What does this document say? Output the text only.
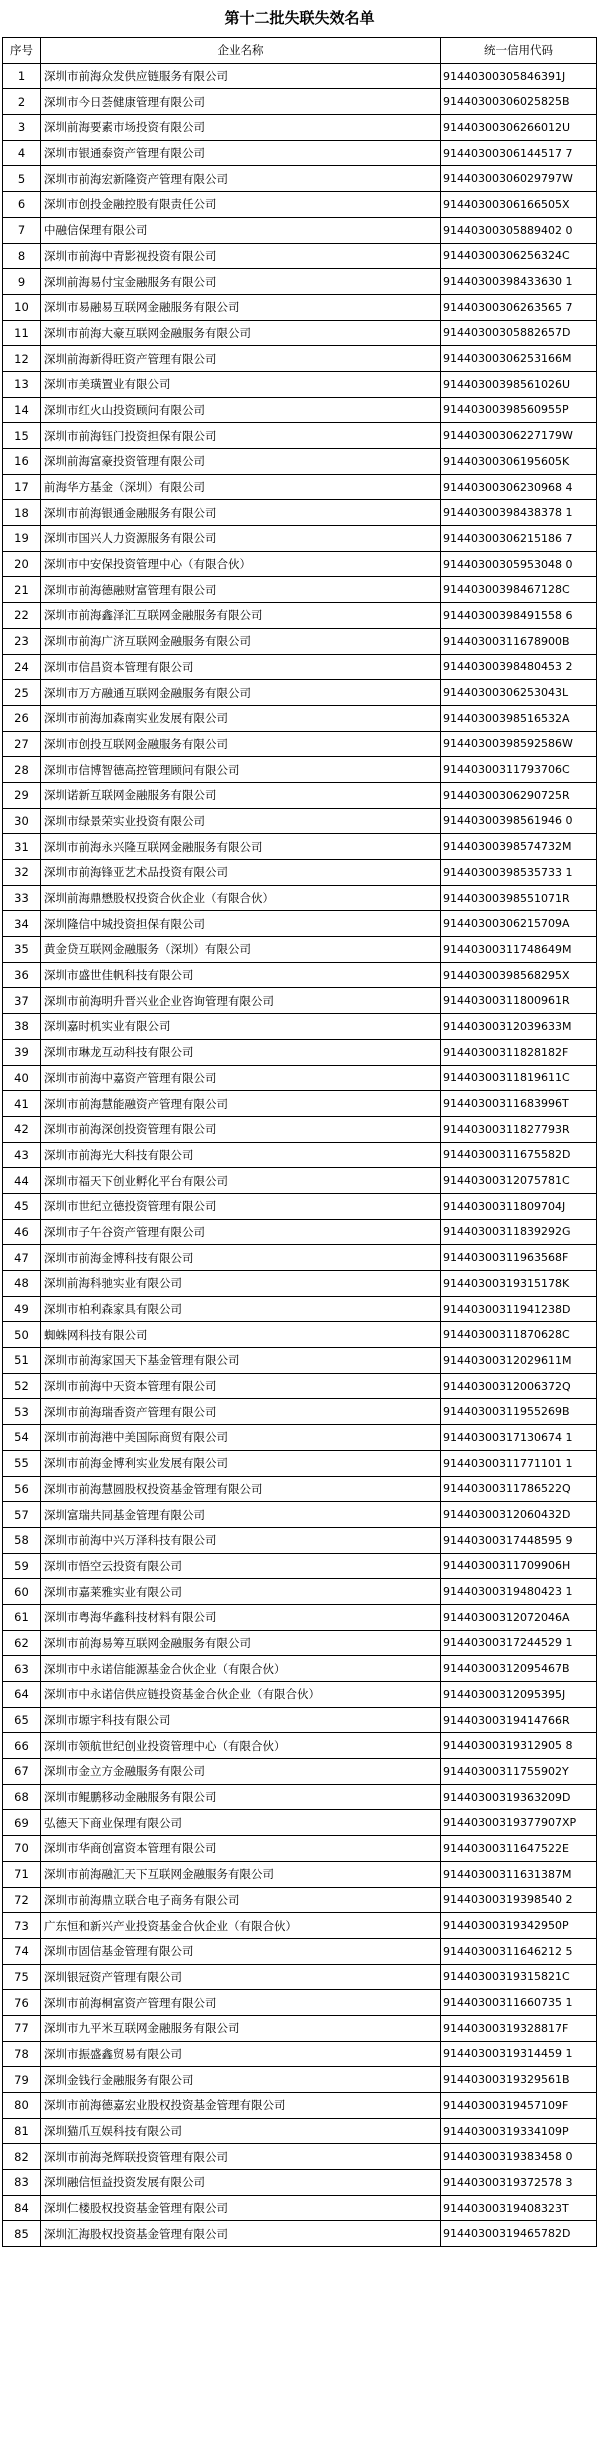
第十二批失联失效名单
序号	企业名称	统一信用代码
1	深圳市前海众发供应链服务有限公司	91440300305846391J
2	深圳市今日荟健康管理有限公司	91440300306025825B
3	深圳前海要素市场投资有限公司	91440300306266012U
4	深圳市银通泰资产管理有限公司	91440300306144517 7
5	深圳市前海宏新隆资产管理有限公司	91440300306029797W
6	深圳市创投金融控股有限责任公司	91440300306166505X
7	中融信保理有限公司	91440300305889402 0
8	深圳市前海中青影视投资有限公司	91440300306256324C
9	深圳前海易付宝金融服务有限公司	91440300398433630 1
10	深圳市易融易互联网金融服务有限公司	91440300306263565 7
11	深圳市前海大豪互联网金融服务有限公司	91440300305882657D
12	深圳前海新得旺资产管理有限公司	91440300306253166M
13	深圳市美璜置业有限公司	91440300398561026U
14	深圳市红火山投资顾问有限公司	91440300398560955P
15	深圳市前海钰门投资担保有限公司	91440300306227179W
16	深圳前海富豪投资管理有限公司	91440300306195605K
17	前海华方基金（深圳）有限公司	91440300306230968 4
18	深圳市前海银通金融服务有限公司	91440300398438378 1
19	深圳市国兴人力资源服务有限公司	91440300306215186 7
20	深圳市中安保投资管理中心（有限合伙）	91440300305953048 0
21	深圳市前海德融财富管理有限公司	91440300398467128C
22	深圳市前海鑫泽汇互联网金融服务有限公司	91440300398491558 6
23	深圳市前海广济互联网金融服务有限公司	91440300311678900B
24	深圳市信昌资本管理有限公司	91440300398480453 2
25	深圳市万方融通互联网金融服务有限公司	91440300306253043L
26	深圳市前海加森南实业发展有限公司	91440300398516532A
27	深圳市创投互联网金融服务有限公司	91440300398592586W
28	深圳市信博智德高控管理顾问有限公司	91440300311793706C
29	深圳诺新互联网金融服务有限公司	91440300306290725R
30	深圳市绿景荣实业投资有限公司	91440300398561946 0
31	深圳市前海永兴隆互联网金融服务有限公司	91440300398574732M
32	深圳市前海锋亚艺术品投资有限公司	91440300398535733 1
33	深圳前海鼎懋股权投资合伙企业（有限合伙）	91440300398551071R
34	深圳隆信中城投资担保有限公司	91440300306215709A
35	黄金贷互联网金融服务（深圳）有限公司	91440300311748649M
36	深圳市盛世佳帆科技有限公司	91440300398568295X
37	深圳市前海明升晋兴业企业咨询管理有限公司	91440300311800961R
38	深圳嘉时机实业有限公司	91440300312039633M
39	深圳市琳龙互动科技有限公司	91440300311828182F
40	深圳市前海中嘉资产管理有限公司	91440300311819611C
41	深圳市前海慧能融资产管理有限公司	91440300311683996T
42	深圳市前海深创投资管理有限公司	91440300311827793R
43	深圳市前海光大科技有限公司	91440300311675582D
44	深圳市福天下创业孵化平台有限公司	91440300312075781C
45	深圳市世纪立德投资管理有限公司	91440300311809704J
46	深圳市子午谷资产管理有限公司	91440300311839292G
47	深圳市前海金博科技有限公司	91440300311963568F
48	深圳前海科驰实业有限公司	91440300319315178K
49	深圳市柏利森家具有限公司	91440300311941238D
50	蜘蛛网科技有限公司	91440300311870628C
51	深圳市前海家国天下基金管理有限公司	91440300312029611M
52	深圳市前海中天资本管理有限公司	91440300312006372Q
53	深圳市前海瑞香资产管理有限公司	91440300311955269B
54	深圳市前海港中美国际商贸有限公司	91440300317130674 1
55	深圳市前海金博利实业发展有限公司	91440300311771101 1
56	深圳市前海慧圆股权投资基金管理有限公司	91440300311786522Q
57	深圳富瑞共同基金管理有限公司	91440300312060432D
58	深圳市前海中兴万泽科技有限公司	91440300317448595 9
59	深圳市悟空云投资有限公司	91440300311709906H
60	深圳市嘉莱雅实业有限公司	91440300319480423 1
61	深圳市粤海华鑫科技材料有限公司	91440300312072046A
62	深圳市前海易筹互联网金融服务有限公司	91440300317244529 1
63	深圳市中永诺信能源基金合伙企业（有限合伙）	91440300312095467B
64	深圳市中永诺信供应链投资基金合伙企业（有限合伙）	91440300312095395J
65	深圳市塬宇科技有限公司	91440300319414766R
66	深圳市领航世纪创业投资管理中心（有限合伙）	91440300319312905 8
67	深圳市金立方金融服务有限公司	91440300311755902Y
68	深圳市鲲鹏移动金融服务有限公司	91440300319363209D
69	弘德天下商业保理有限公司	91440300319377907XP
70	深圳市华商创富资本管理有限公司	91440300311647522E
71	深圳市前海融汇天下互联网金融服务有限公司	91440300311631387M
72	深圳市前海鼎立联合电子商务有限公司	91440300319398540 2
73	广东恒和新兴产业投资基金合伙企业（有限合伙）	91440300319342950P
74	深圳市固信基金管理有限公司	91440300311646212 5
75	深圳银冠资产管理有限公司	91440300319315821C
76	深圳市前海桐富资产管理有限公司	91440300311660735 1
77	深圳市九平米互联网金融服务有限公司	91440300319328817F
78	深圳市振盛鑫贸易有限公司	91440300319314459 1
79	深圳金钱行金融服务有限公司	91440300319329561B
80	深圳市前海德嘉宏业股权投资基金管理有限公司	91440300319457109F
81	深圳猫爪互娱科技有限公司	91440300319334109P
82	深圳市前海尧辉联投资管理有限公司	91440300319383458 0
83	深圳融信恒益投资发展有限公司	91440300319372578 3
84	深圳仁楼股权投资基金管理有限公司	91440300319408323T
85	深圳汇海股权投资基金管理有限公司	91440300319465782D
